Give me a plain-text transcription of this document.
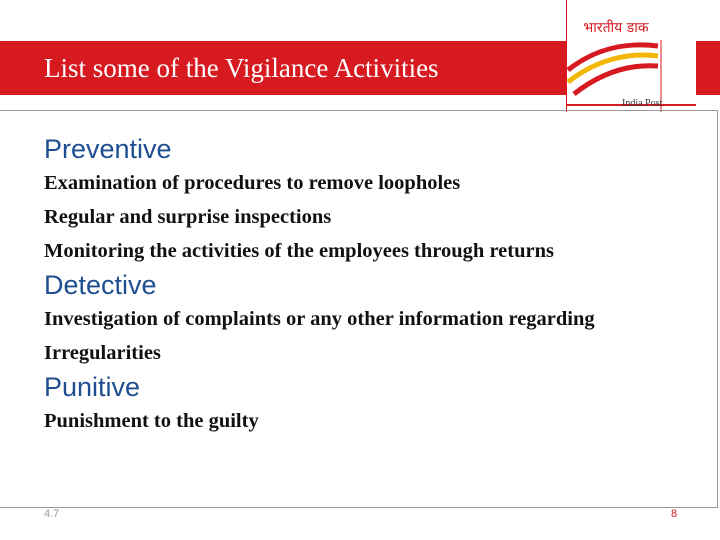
List some of the Vigilance Activities
भारतीय डाक
India Post

Preventive

Examination of procedures to remove loopholes

Regular and surprise inspections

Monitoring the activities of the employees through returns

Detective

Investigation of complaints or any other information regarding Irregularities

Punitive

Punishment to the guilty

4.7	8
